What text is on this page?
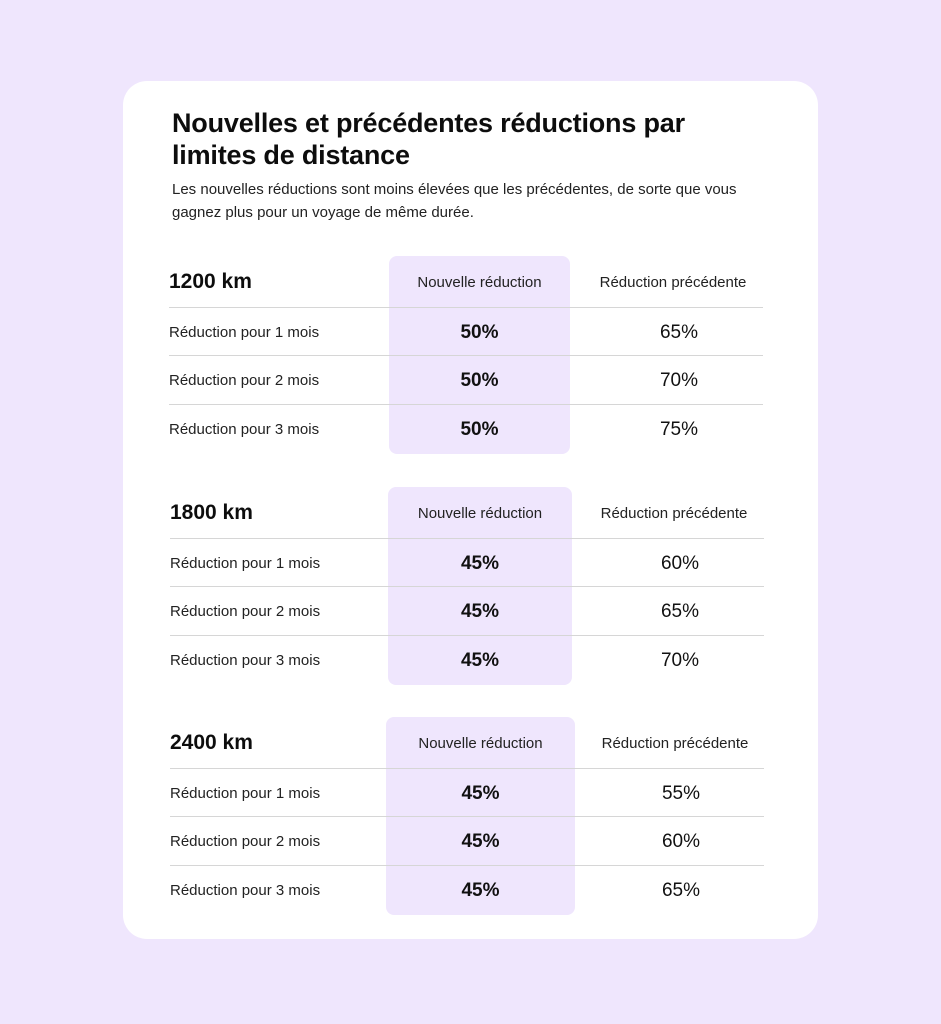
Nouvelles et précédentes réductions par limites de distance

Les nouvelles réductions sont moins élevées que les précédentes, de sorte que vous gagnez plus pour un voyage de même durée.

1200 km	Nouvelle réduction	Réduction précédente
Réduction pour 1 mois	50%	65%
Réduction pour 2 mois	50%	70%
Réduction pour 3 mois	50%	75%
1800 km	Nouvelle réduction	Réduction précédente
Réduction pour 1 mois	45%	60%
Réduction pour 2 mois	45%	65%
Réduction pour 3 mois	45%	70%
2400 km	Nouvelle réduction	Réduction précédente
Réduction pour 1 mois	45%	55%
Réduction pour 2 mois	45%	60%
Réduction pour 3 mois	45%	65%
